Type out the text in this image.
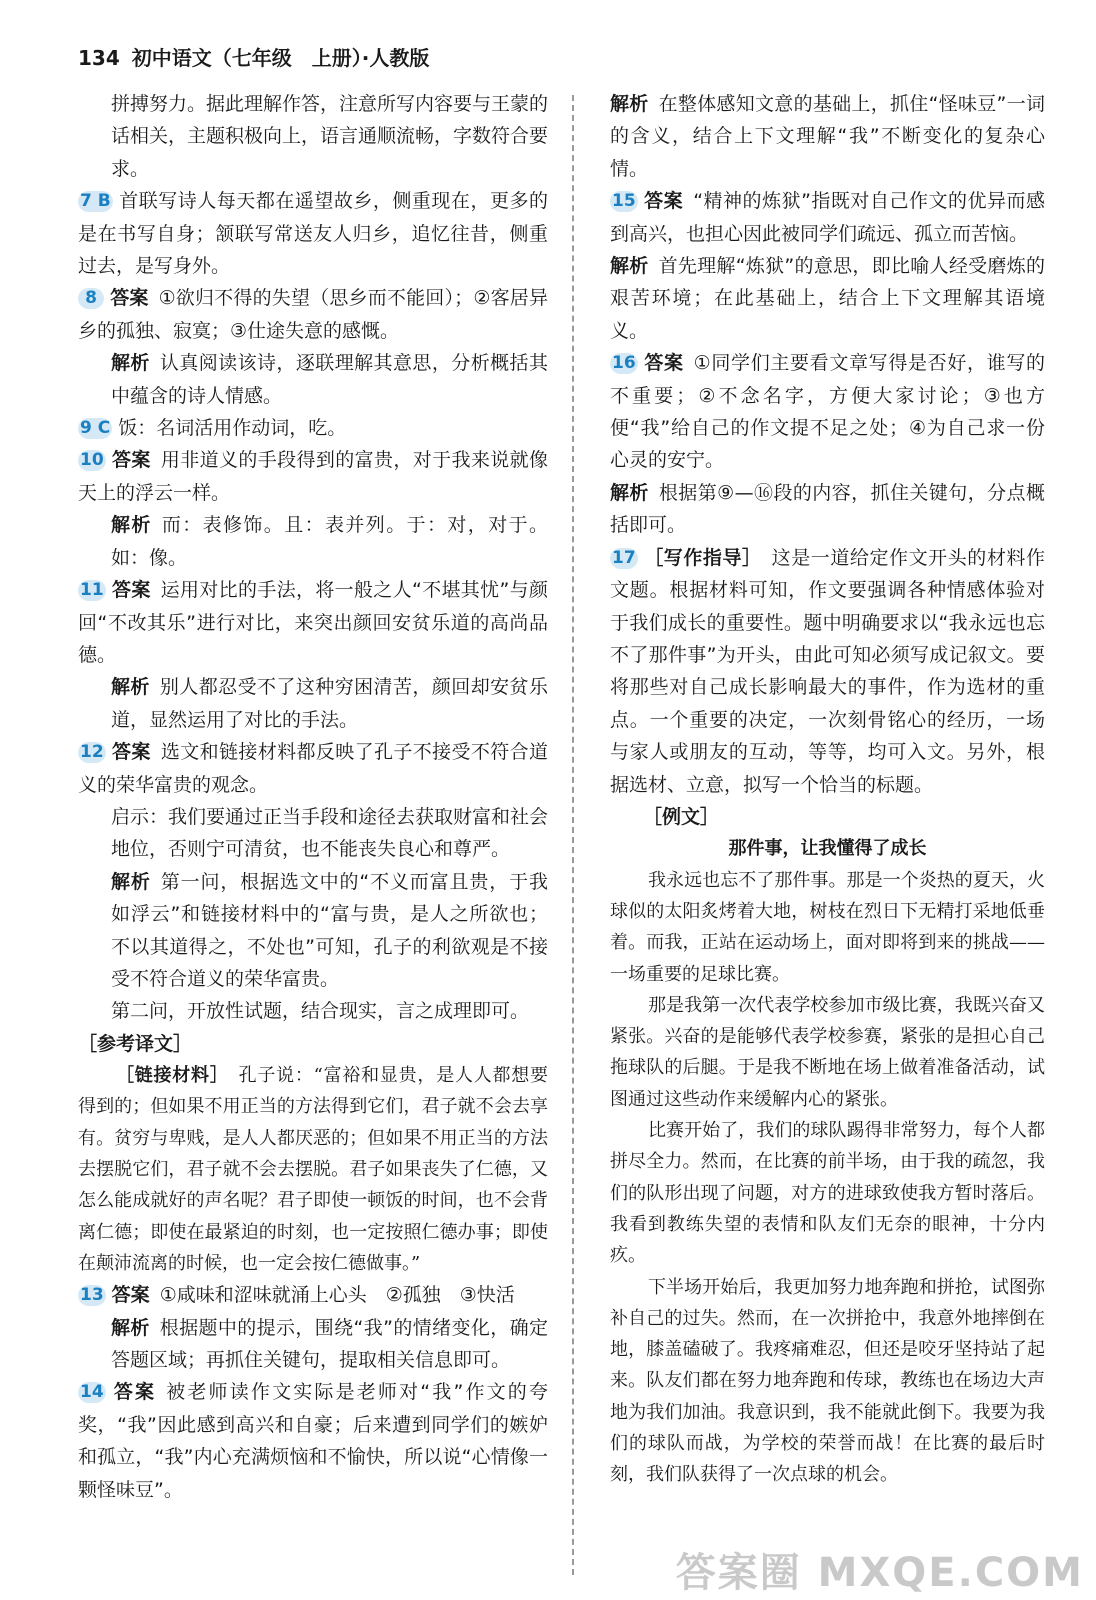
134 初中语文（七年级　上册）·人教版

拼搏努力。据此理解作答，注意所写内容要与王蒙的话相关，主题积极向上，语言通顺流畅，字数符合要求。

7 B 首联写诗人每天都在遥望故乡，侧重现在，更多的是在书写自身；颔联写常送友人归乡，追忆往昔，侧重过去，是写身外。

8 答案 ①欲归不得的失望（思乡而不能回）；②客居异乡的孤独、寂寞；③仕途失意的感慨。

解析 认真阅读该诗，逐联理解其意思，分析概括其中蕴含的诗人情感。

9 C 饭：名词活用作动词，吃。

10 答案 用非道义的手段得到的富贵，对于我来说就像天上的浮云一样。

解析 而：表修饰。且：表并列。于：对，对于。如：像。

11 答案 运用对比的手法，将一般之人“不堪其忧”与颜回“不改其乐”进行对比，来突出颜回安贫乐道的高尚品德。

解析 别人都忍受不了这种穷困清苦，颜回却安贫乐道，显然运用了对比的手法。

12 答案 选文和链接材料都反映了孔子不接受不符合道义的荣华富贵的观念。

启示：我们要通过正当手段和途径去获取财富和社会地位，否则宁可清贫，也不能丧失良心和尊严。

解析 第一问，根据选文中的“不义而富且贵，于我如浮云”和链接材料中的“富与贵，是人之所欲也；不以其道得之，不处也”可知，孔子的利欲观是不接受不符合道义的荣华富贵。

第二问，开放性试题，结合现实，言之成理即可。

［参考译文］

［链接材料］ 孔子说：“富裕和显贵，是人人都想要得到的；但如果不用正当的方法得到它们，君子就不会去享有。贫穷与卑贱，是人人都厌恶的；但如果不用正当的方法去摆脱它们，君子就不会去摆脱。君子如果丧失了仁德，又怎么能成就好的声名呢？君子即使一顿饭的时间，也不会背离仁德；即使在最紧迫的时刻，也一定按照仁德办事；即使在颠沛流离的时候，也一定会按仁德做事。”

13 答案 ①咸味和涩味就涌上心头　②孤独　③快活

解析 根据题中的提示，围绕“我”的情绪变化，确定答题区域；再抓住关键句，提取相关信息即可。

14 答案 被老师读作文实际是老师对“我”作文的夸奖，“我”因此感到高兴和自豪；后来遭到同学们的嫉妒和孤立，“我”内心充满烦恼和不愉快，所以说“心情像一颗怪味豆”。

解析 在整体感知文意的基础上，抓住“怪味豆”一词的含义，结合上下文理解“我”不断变化的复杂心情。

15 答案 “精神的炼狱”指既对自己作文的优异而感到高兴，也担心因此被同学们疏远、孤立而苦恼。

解析 首先理解“炼狱”的意思，即比喻人经受磨炼的艰苦环境；在此基础上，结合上下文理解其语境义。

16 答案 ①同学们主要看文章写得是否好，谁写的不重要；②不念名字，方便大家讨论；③也方便“我”给自己的作文提不足之处；④为自己求一份心灵的安宁。

解析 根据第⑨—⑯段的内容，抓住关键句，分点概括即可。

17 ［写作指导］ 这是一道给定作文开头的材料作文题。根据材料可知，作文要强调各种情感体验对于我们成长的重要性。题中明确要求以“我永远也忘不了那件事”为开头，由此可知必须写成记叙文。要将那些对自己成长影响最大的事件，作为选材的重点。一个重要的决定，一次刻骨铭心的经历，一场与家人或朋友的互动，等等，均可入文。另外，根据选材、立意，拟写一个恰当的标题。

［例文］

那件事，让我懂得了成长

我永远也忘不了那件事。那是一个炎热的夏天，火球似的太阳炙烤着大地，树枝在烈日下无精打采地低垂着。而我，正站在运动场上，面对即将到来的挑战——一场重要的足球比赛。

那是我第一次代表学校参加市级比赛，我既兴奋又紧张。兴奋的是能够代表学校参赛，紧张的是担心自己拖球队的后腿。于是我不断地在场上做着准备活动，试图通过这些动作来缓解内心的紧张。

比赛开始了，我们的球队踢得非常努力，每个人都拼尽全力。然而，在比赛的前半场，由于我的疏忽，我们的队形出现了问题，对方的进球致使我方暂时落后。我看到教练失望的表情和队友们无奈的眼神，十分内疚。

下半场开始后，我更加努力地奔跑和拼抢，试图弥补自己的过失。然而，在一次拼抢中，我意外地摔倒在地，膝盖磕破了。我疼痛难忍，但还是咬牙坚持站了起来。队友们都在努力地奔跑和传球，教练也在场边大声地为我们加油。我意识到，我不能就此倒下。我要为我们的球队而战，为学校的荣誉而战！在比赛的最后时刻，我们队获得了一次点球的机会。

答案圈 MXQE.COM
